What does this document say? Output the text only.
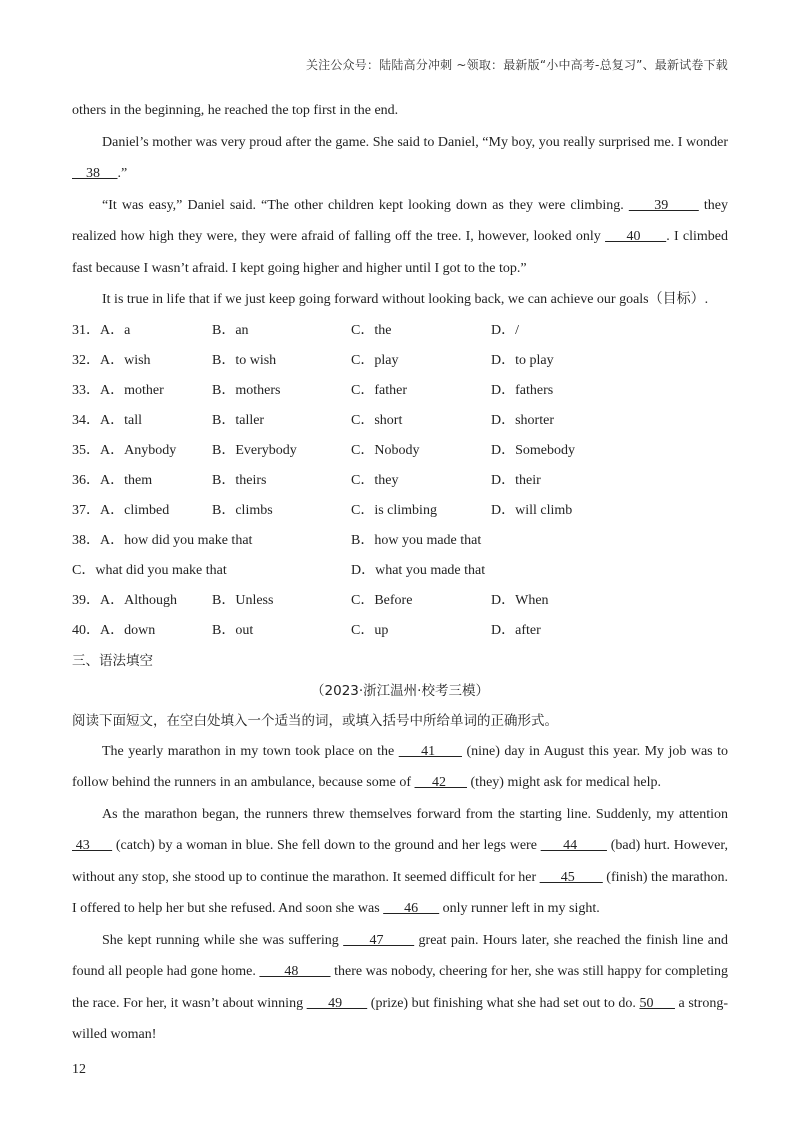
关注公众号：陆陆高分冲刺 ~领取：最新版“小中高考-总复习”、最新试卷下载

others in the beginning, he reached the top first in the end.

Daniel’s mother was very proud after the game. She said to Daniel, “My boy, you really surprised me. I wonder     38     .”

“It was easy,” Daniel said. “The other children kept looking down as they were climbing.      39       they realized how high they were, they were afraid of falling off the tree. I, however, looked only      40      . I climbed fast because I wasn’t afraid. I kept going higher and higher until I got to the top.”

It is true in life that if we just keep going forward without looking back, we can achieve our goals（目标）.

31．A．a	B．an	C．the	D．/
32．A．wish	B．to wish	C．play	D．to play
33．A．mother	B．mothers	C．father	D．fathers
34．A．tall	B．taller	C．short	D．shorter
35．A．Anybody	B．Everybody	C．Nobody	D．Somebody
36．A．them	B．theirs	C．they	D．their
37．A．climbed	B．climbs	C．is climbing	D．will climb
38．A．how did you make that	B．how you made that
C．what did you make that	D．what you made that
39．A．Although	B．Unless	C．Before	D．When
40．A．down	B．out	C．up	D．after
三、语法填空
（2023·浙江温州·校考三模）
阅读下面短文，在空白处填入一个适当的词，或填入括号中所给单词的正确形式。

The yearly marathon in my town took place on the      41       (nine) day in August this year. My job was to follow behind the runners in an ambulance, because some of      42       (they) might ask for medical help.

As the marathon began, the runners threw themselves forward from the starting line. Suddenly, my attention  43       (catch) by a woman in blue. She fell down to the ground and her legs were       44         (bad) hurt. However, without any stop, she stood up to continue the marathon. It seemed difficult for her       45         (finish) the marathon. I offered to help her but she refused. And soon she was       46       only runner left in my sight.

She kept running while she was suffering       47        great pain. Hours later, she reached the finish line and found all people had gone home.        48          there was nobody, cheering for her, she was still happy for completing the race. For her, it wasn’t about winning       49        (prize) but finishing what she had set out to do. 50       a strong-willed woman!

12
